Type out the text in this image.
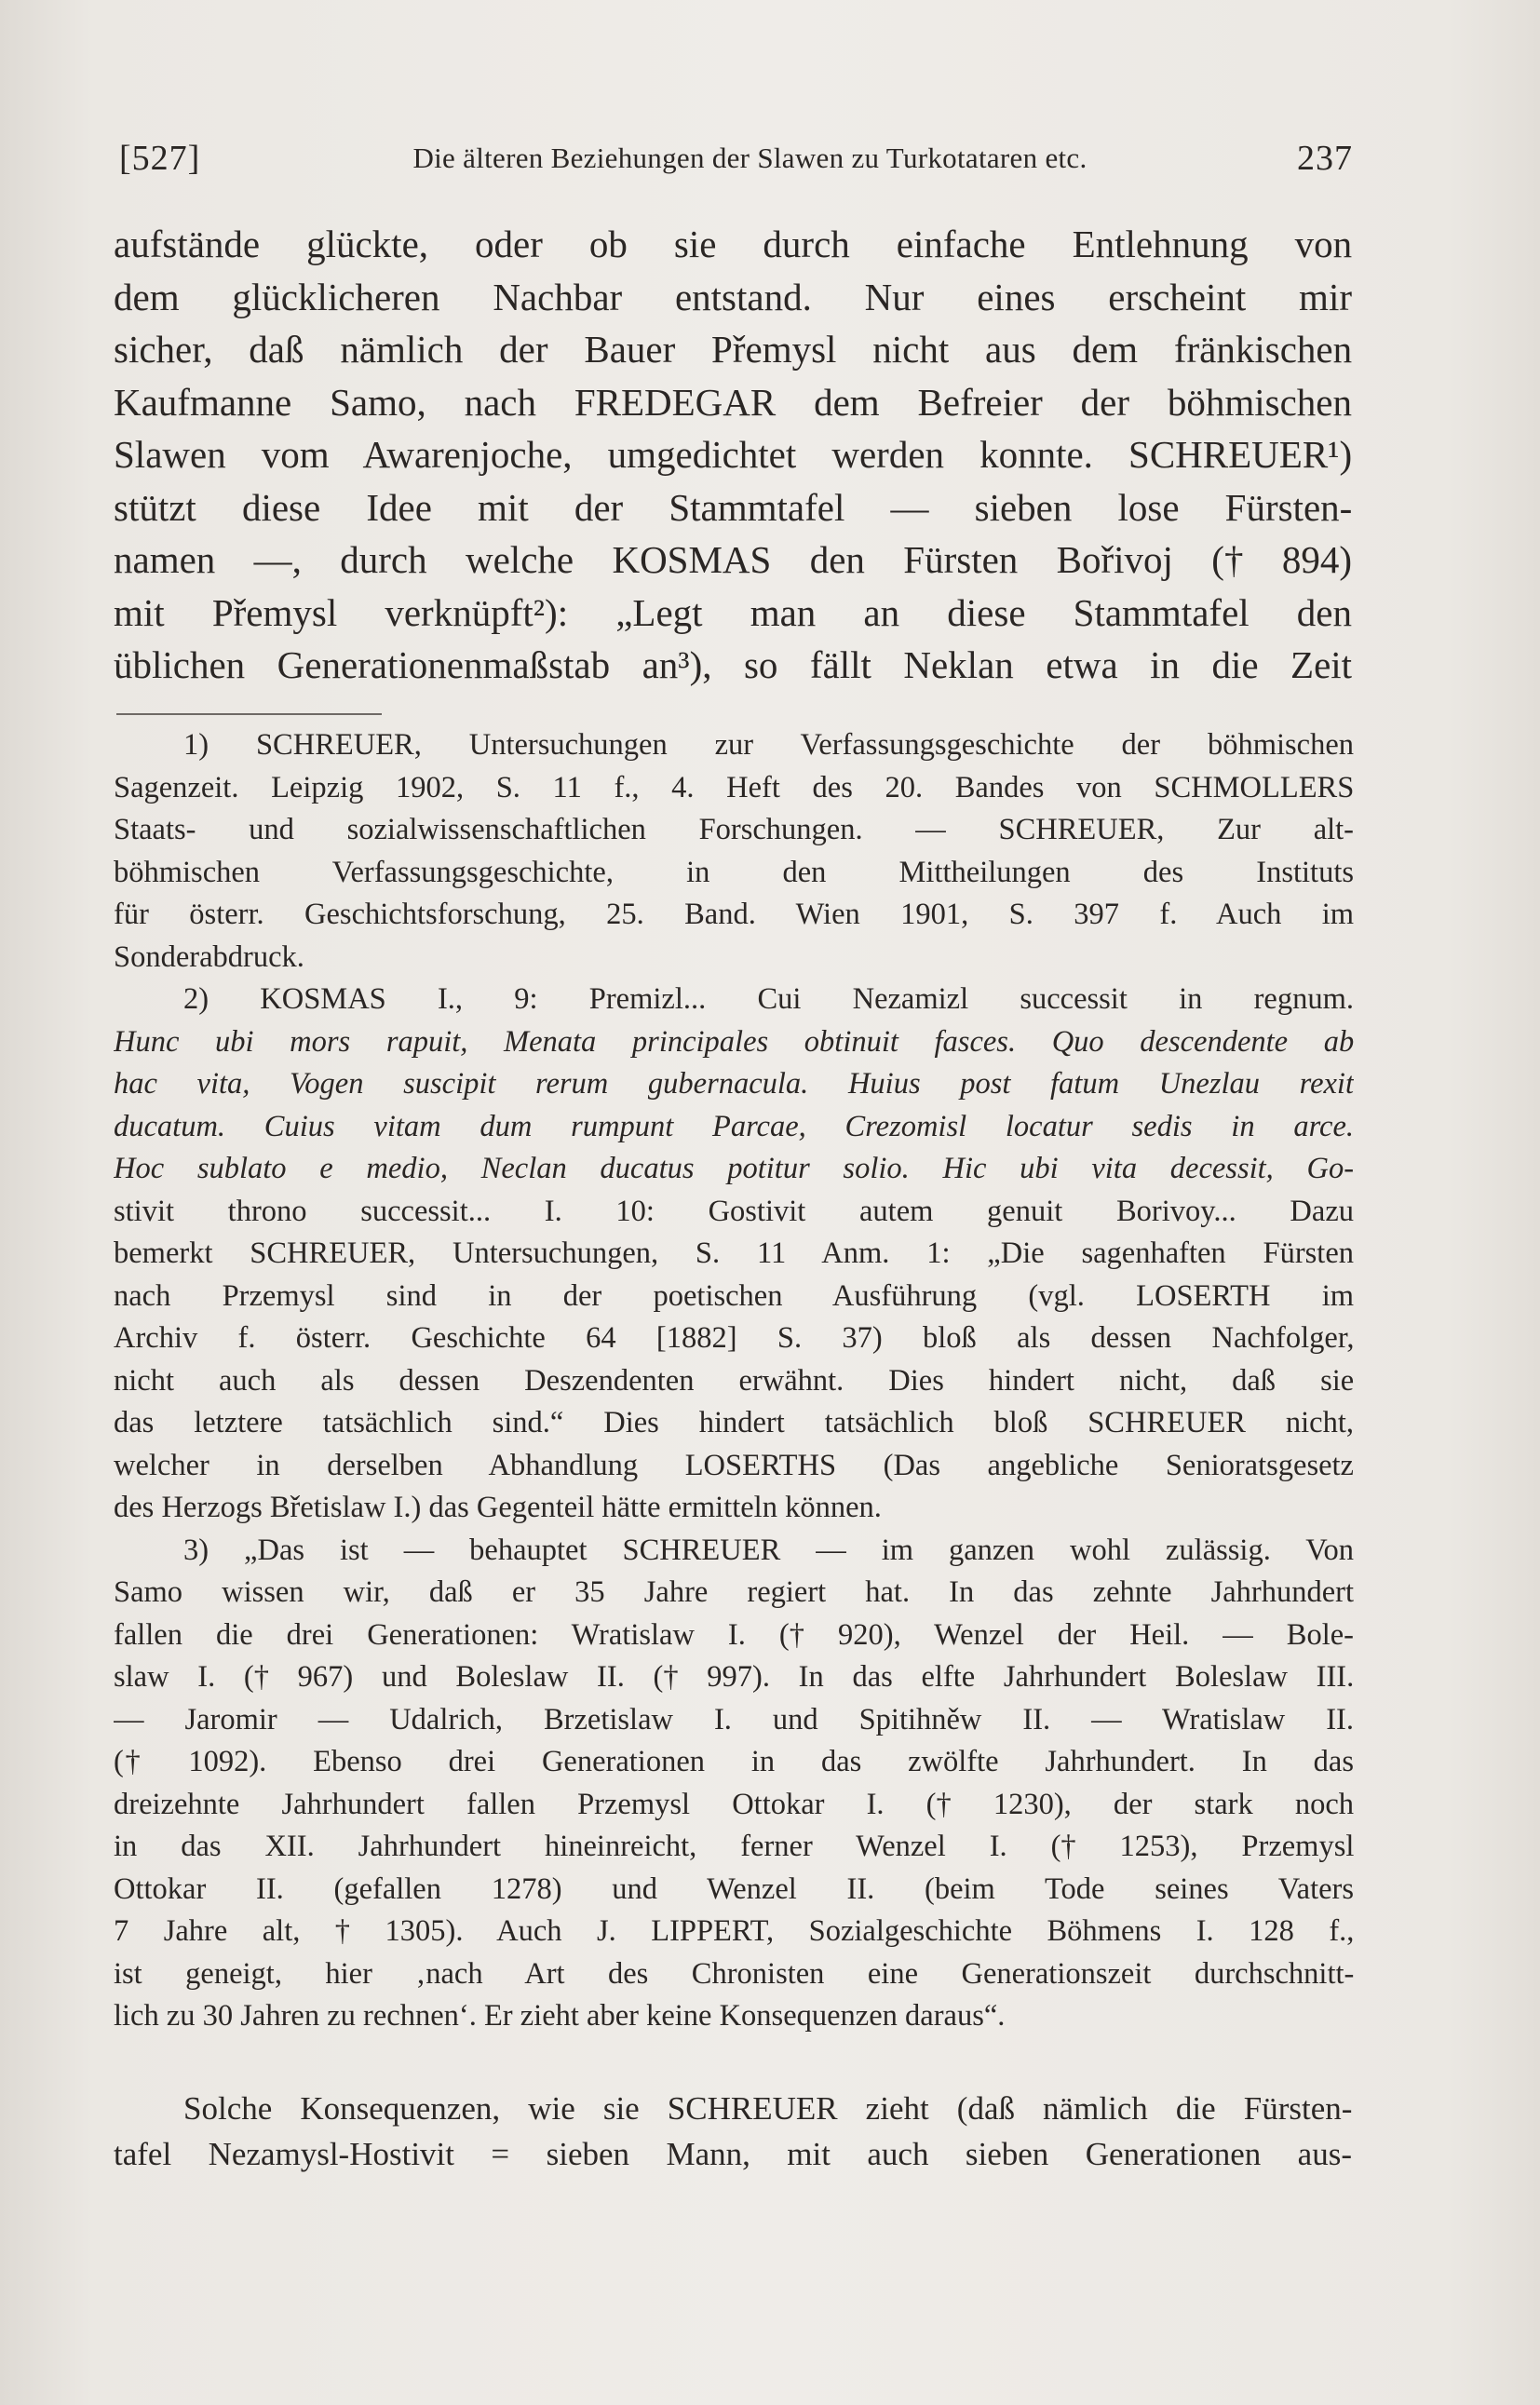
[527]	Die älteren Beziehungen der Slawen zu Turkotataren etc.	237
aufstände glückte, oder ob sie durch einfache Entlehnung von
dem glücklicheren Nachbar entstand. Nur eines erscheint mir
sicher, daß nämlich der Bauer Přemysl nicht aus dem fränkischen
Kaufmanne Samo, nach FREDEGAR dem Befreier der böhmischen
Slawen vom Awarenjoche, umgedichtet werden konnte. SCHREUER¹)
stützt diese Idee mit der Stammtafel — sieben lose Fürsten-
namen —, durch welche KOSMAS den Fürsten Bořivoj († 894)
mit Přemysl verknüpft²): „Legt man an diese Stammtafel den
üblichen Generationenmaßstab an³), so fällt Neklan etwa in die Zeit
1) SCHREUER, Untersuchungen zur Verfassungsgeschichte der böhmischen
Sagenzeit. Leipzig 1902, S. 11 f., 4. Heft des 20. Bandes von SCHMOLLERS
Staats- und sozialwissenschaftlichen Forschungen. — SCHREUER, Zur alt-
böhmischen Verfassungsgeschichte, in den Mittheilungen des Instituts
für österr. Geschichtsforschung, 25. Band. Wien 1901, S. 397 f. Auch im
Sonderabdruck.
2) KOSMAS I., 9: Premizl... Cui Nezamizl successit in regnum.
Hunc ubi mors rapuit, Menata principales obtinuit fasces. Quo descendente ab
hac vita, Vogen suscipit rerum gubernacula. Huius post fatum Unezlau rexit
ducatum. Cuius vitam dum rumpunt Parcae, Crezomisl locatur sedis in arce.
Hoc sublato e medio, Neclan ducatus potitur solio. Hic ubi vita decessit, Go-
stivit throno successit... I. 10: Gostivit autem genuit Borivoy... Dazu
bemerkt SCHREUER, Untersuchungen, S. 11 Anm. 1: „Die sagenhaften Fürsten
nach Przemysl sind in der poetischen Ausführung (vgl. LOSERTH im
Archiv f. österr. Geschichte 64 [1882] S. 37) bloß als dessen Nachfolger,
nicht auch als dessen Deszendenten erwähnt. Dies hindert nicht, daß sie
das letztere tatsächlich sind.“ Dies hindert tatsächlich bloß SCHREUER nicht,
welcher in derselben Abhandlung LOSERTHS (Das angebliche Senioratsgesetz
des Herzogs Břetislaw I.) das Gegenteil hätte ermitteln können.
3) „Das ist — behauptet SCHREUER — im ganzen wohl zulässig. Von
Samo wissen wir, daß er 35 Jahre regiert hat. In das zehnte Jahrhundert
fallen die drei Generationen: Wratislaw I. († 920), Wenzel der Heil. — Bole-
slaw I. († 967) und Boleslaw II. († 997). In das elfte Jahrhundert Boleslaw III.
— Jaromir — Udalrich, Brzetislaw I. und Spitihněw II. — Wratislaw II.
(† 1092). Ebenso drei Generationen in das zwölfte Jahrhundert. In das
dreizehnte Jahrhundert fallen Przemysl Ottokar I. († 1230), der stark noch
in das XII. Jahrhundert hineinreicht, ferner Wenzel I. († 1253), Przemysl
Ottokar II. (gefallen 1278) und Wenzel II. (beim Tode seines Vaters
7 Jahre alt, † 1305). Auch J. LIPPERT, Sozialgeschichte Böhmens I. 128 f.,
ist geneigt, hier ‚nach Art des Chronisten eine Generationszeit durchschnitt-
lich zu 30 Jahren zu rechnen‘. Er zieht aber keine Konsequenzen daraus“.
Solche Konsequenzen, wie sie SCHREUER zieht (daß nämlich die Fürsten-
tafel Nezamysl-Hostivit = sieben Mann, mit auch sieben Generationen aus-
